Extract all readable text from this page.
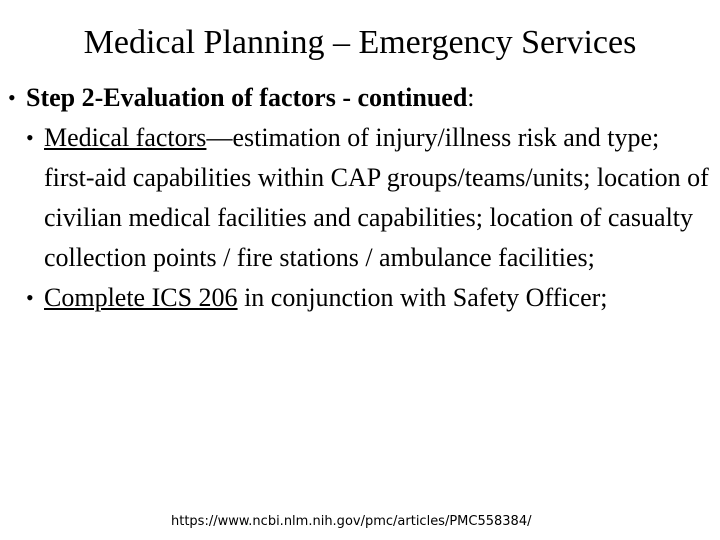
Medical Planning – Emergency Services
• Step 2-Evaluation of factors - continued:
• Medical factors—estimation of injury/illness risk and type; first-aid capabilities within CAP groups/teams/units; location of civilian medical facilities and capabilities; location of casualty collection points / fire stations / ambulance facilities;
• Complete ICS 206 in conjunction with Safety Officer;
https://www.ncbi.nlm.nih.gov/pmc/articles/PMC558384/
